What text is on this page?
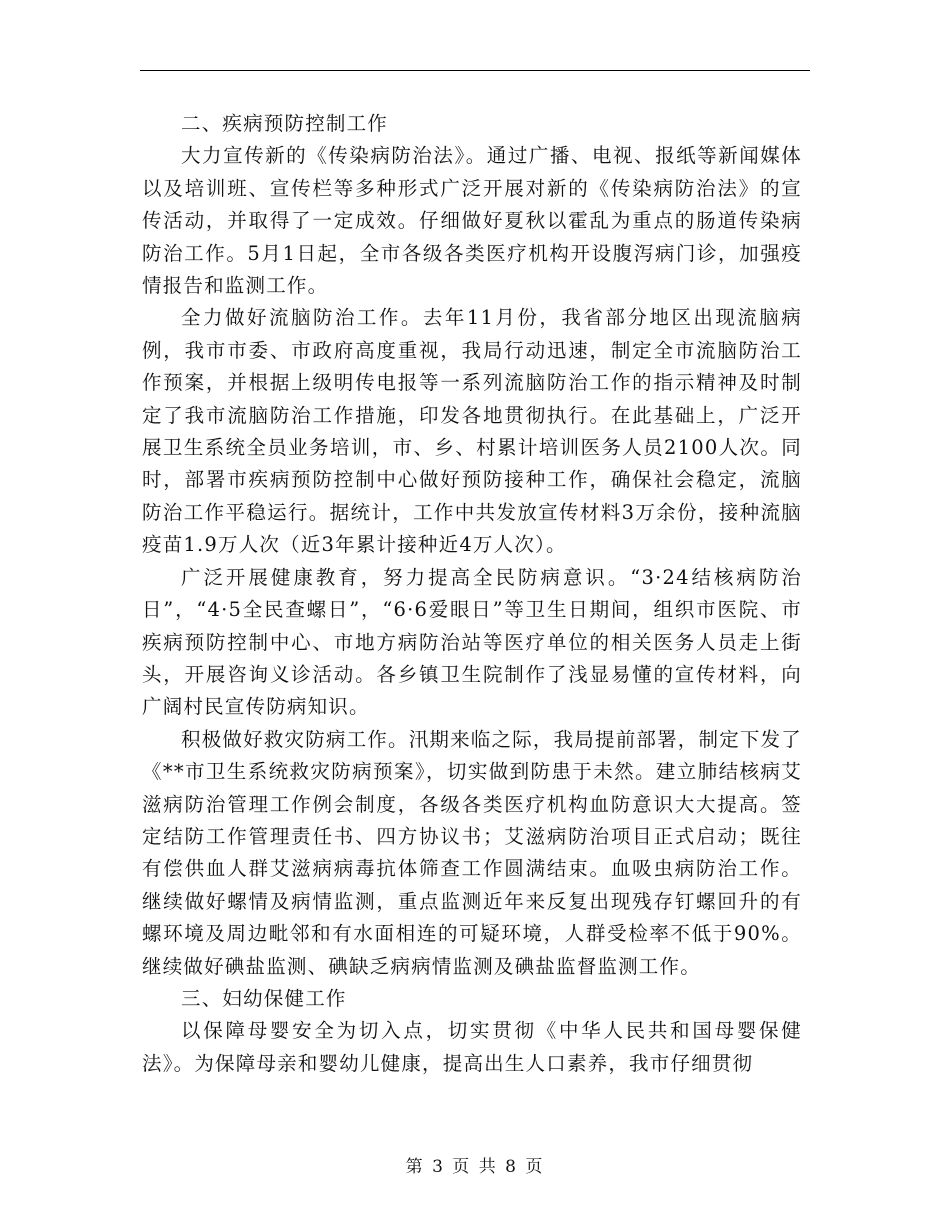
二、疾病预防控制工作

大力宣传新的《传染病防治法》。通过广播、电视、报纸等新闻媒体以及培训班、宣传栏等多种形式广泛开展对新的《传染病防治法》的宣传活动，并取得了一定成效。仔细做好夏秋以霍乱为重点的肠道传染病防治工作。5月1日起，全市各级各类医疗机构开设腹泻病门诊，加强疫情报告和监测工作。

全力做好流脑防治工作。去年11月份，我省部分地区出现流脑病例，我市市委、市政府高度重视，我局行动迅速，制定全市流脑防治工作预案，并根据上级明传电报等一系列流脑防治工作的指示精神及时制定了我市流脑防治工作措施，印发各地贯彻执行。在此基础上，广泛开展卫生系统全员业务培训，市、乡、村累计培训医务人员2100人次。同时，部署市疾病预防控制中心做好预防接种工作，确保社会稳定，流脑防治工作平稳运行。据统计，工作中共发放宣传材料3万余份，接种流脑疫苗1.9万人次（近3年累计接种近4万人次）。

广泛开展健康教育，努力提高全民防病意识。“3·24结核病防治日”，“4·5全民查螺日”，“6·6爱眼日”等卫生日期间，组织市医院、市疾病预防控制中心、市地方病防治站等医疗单位的相关医务人员走上街头，开展咨询义诊活动。各乡镇卫生院制作了浅显易懂的宣传材料，向广阔村民宣传防病知识。

积极做好救灾防病工作。汛期来临之际，我局提前部署，制定下发了《**市卫生系统救灾防病预案》，切实做到防患于未然。建立肺结核病艾滋病防治管理工作例会制度，各级各类医疗机构血防意识大大提高。签定结防工作管理责任书、四方协议书；艾滋病防治项目正式启动；既往有偿供血人群艾滋病病毒抗体筛查工作圆满结束。血吸虫病防治工作。继续做好螺情及病情监测，重点监测近年来反复出现残存钉螺回升的有螺环境及周边毗邻和有水面相连的可疑环境，人群受检率不低于90%。继续做好碘盐监测、碘缺乏病病情监测及碘盐监督监测工作。

三、妇幼保健工作

以保障母婴安全为切入点，切实贯彻《中华人民共和国母婴保健法》。为保障母亲和婴幼儿健康，提高出生人口素养，我市仔细贯彻

第 3 页 共 8 页
